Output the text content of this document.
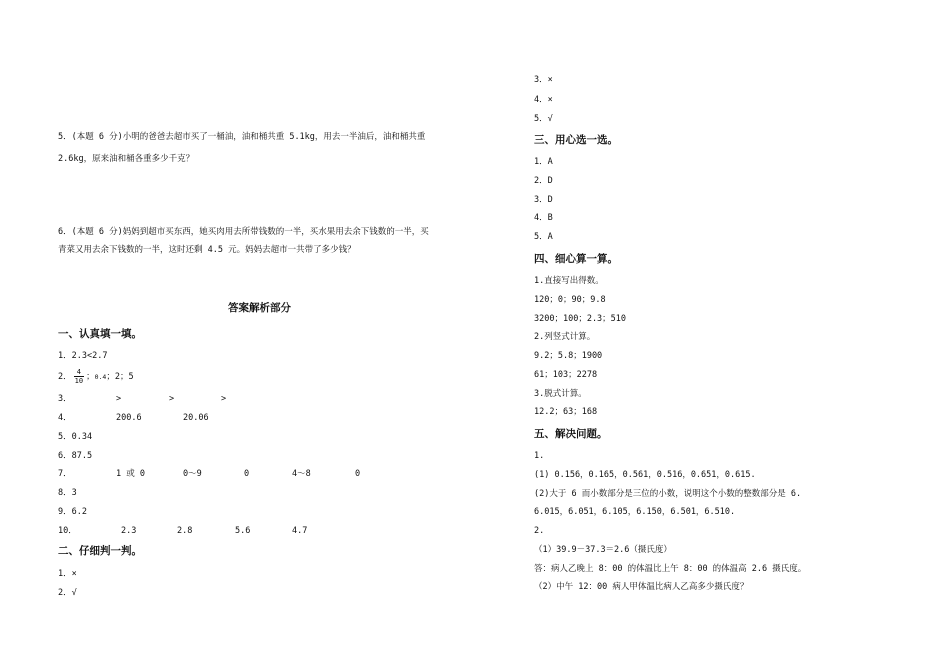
5．(本题 6 分)小明的爸爸去超市买了一桶油，油和桶共重 5.1kg，用去一半油后，油和桶共重
2.6kg，原来油和桶各重多少千克？
6．(本题 6 分)妈妈到超市买东西，她买肉用去所带钱数的一半，买水果用去余下钱数的一半，买
青菜又用去余下钱数的一半，这时还剩 4.5 元。妈妈去超市一共带了多少钱？
答案解析部分
一、认真填一填。
1．2.3<2.7
2． $\frac{4}{10}$ ；0.4；2；5
3．	>	>	>
4．	200.6	20.06
5．0.34
6．87.5
7．	1 或 0	0～9	0	4～8	0
8．3
9．6.2
10．	2.3	2.8	5.6	4.7
二、仔细判一判。
1．×
2．√
3．×
4．×
5．√
三、用心选一选。
1．A
2．D
3．D
4．B
5．A
四、细心算一算。
1.直接写出得数。
120；0；90；9.8
3200；100；2.3；510
2.列竖式计算。
9.2；5.8；1900
61；103；2278
3.脱式计算。
12.2；63；168
五、解决问题。
1.
(1) 0.156，0.165，0.561，0.516，0.651，0.615.
(2)大于 6 而小数部分是三位的小数，说明这个小数的整数部分是 6.
6.015，6.051，6.105，6.150，6.501，6.510.
2.
（1）39.9－37.3＝2.6（摄氏度）
答：病人乙晚上 8：00 的体温比上午 8：00 的体温高 2.6 摄氏度。
（2）中午 12：00 病人甲体温比病人乙高多少摄氏度？
